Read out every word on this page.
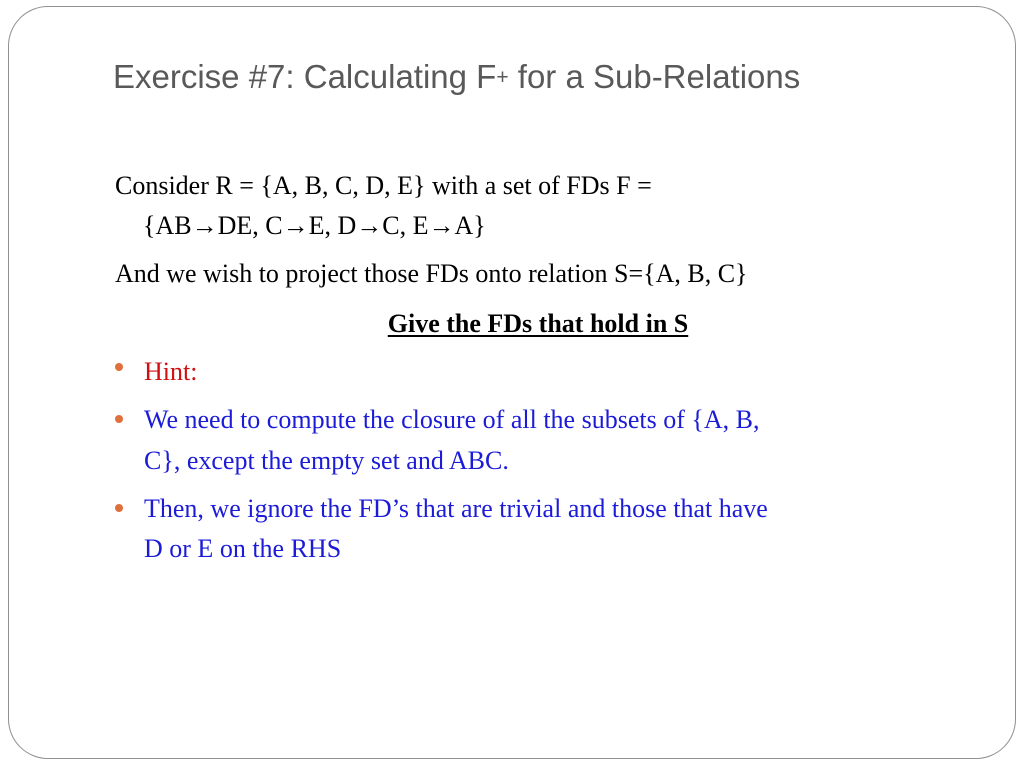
Exercise #7: Calculating F+ for a Sub-Relations
Consider R = {A, B, C, D, E} with a set of FDs F =
{AB→DE, C→E, D→C, E→A}
And we wish to project those FDs onto relation S={A, B, C}
Give the FDs that hold in S
Hint:
We need to compute the closure of all the subsets of {A, B,
C}, except the empty set and ABC.
Then, we ignore the FD’s that are trivial and those that have
D or E on the RHS
